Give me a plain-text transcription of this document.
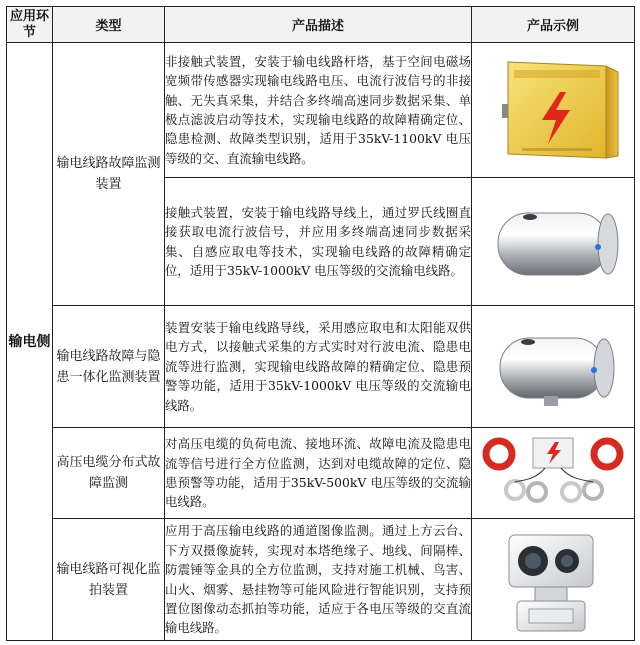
应用环节	类型	产品描述	产品示例
输电侧	输电线路故障监测装置	非接触式装置，安装于输电线路杆塔，基于空间电磁场宽频带传感器实现输电线路电压、电流行波信号的非接触、无失真采集，并结合多终端高速同步数据采集、单极点滤波启动等技术，实现输电线路的故障精确定位、隐患检测、故障类型识别，适用于35kV-1100kV 电压等级的交、直流输电线路。	

		接触式装置，安装于输电线路导线上，通过罗氏线圈直接获取电流行波信号，并应用多终端高速同步数据采集、自感应取电等技术，实现输电线路的故障精确定位，适用于35kV-1000kV 电压等级的交流输电线路。	

	输电线路故障与隐患一体化监测装置	装置安装于输电线路导线，采用感应取电和太阳能双供电方式，以接触式采集的方式实时对行波电流、隐患电流等进行监测，实现输电线路故障的精确定位、隐患预警等功能，适用于35kV-1000kV 电压等级的交流输电线路。	

	高压电缆分布式故障监测	对高压电缆的负荷电流、接地环流、故障电流及隐患电流等信号进行全方位监测，达到对电缆故障的定位、隐患预警等功能，适用于35kV-500kV 电压等级的交流输电线路。	

	输电线路可视化监拍装置	应用于高压输电线路的通道图像监测。通过上方云台、下方双摄像旋转，实现对本塔绝缘子、地线、间隔棒、防震锤等金具的全方位监测，支持对施工机械、鸟害、山火、烟雾、悬挂物等可能风险进行智能识别，支持预置位图像动态抓拍等功能，适应于各电压等级的交直流输电线路。	
